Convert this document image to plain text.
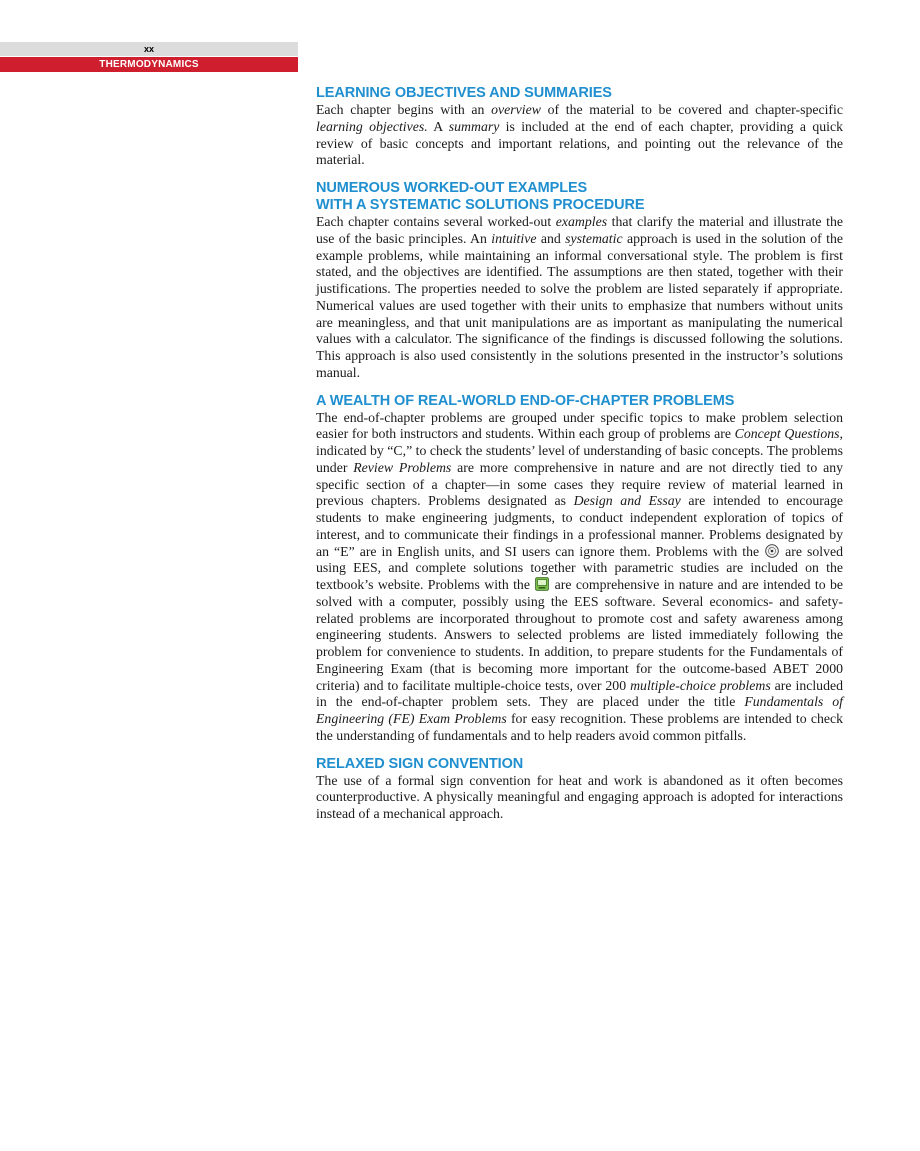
xx
THERMODYNAMICS
LEARNING OBJECTIVES AND SUMMARIES

Each chapter begins with an overview of the material to be covered and chapter-specific learning objectives. A summary is included at the end of each chapter, providing a quick review of basic concepts and important relations, and pointing out the relevance of the material.

NUMEROUS WORKED-OUT EXAMPLES
WITH A SYSTEMATIC SOLUTIONS PROCEDURE

Each chapter contains several worked-out examples that clarify the material and illustrate the use of the basic principles. An intuitive and systematic approach is used in the solution of the example problems, while maintaining an informal conversational style. The problem is first stated, and the objectives are identified. The assumptions are then stated, together with their justifications. The properties needed to solve the problem are listed separately if appropriate. Numerical values are used together with their units to emphasize that numbers without units are meaningless, and that unit manipulations are as important as manipulating the numerical values with a calculator. The significance of the findings is discussed following the solutions. This approach is also used consistently in the solutions presented in the instructor’s solutions manual.

A WEALTH OF REAL-WORLD END-OF-CHAPTER PROBLEMS

The end-of-chapter problems are grouped under specific topics to make problem selection easier for both instructors and students. Within each group of problems are Concept Questions, indicated by “C,” to check the students’ level of understanding of basic concepts. The problems under Review Problems are more comprehensive in nature and are not directly tied to any specific section of a chapter—in some cases they require review of material learned in previous chapters. Problems designated as Design and Essay are intended to encourage students to make engineering judgments, to conduct independent exploration of topics of interest, and to communicate their findings in a professional manner. Problems designated by an “E” are in English units, and SI users can ignore them. Problems with the  are solved using EES, and complete solutions together with parametric studies are included on the textbook’s website. Problems with the  are comprehensive in nature and are intended to be solved with a computer, possibly using the EES software. Several economics- and safety-related problems are incorporated throughout to promote cost and safety awareness among engineering students. Answers to selected problems are listed immediately following the problem for convenience to students. In addition, to prepare students for the Fundamentals of Engineering Exam (that is becoming more important for the outcome-based ABET 2000 criteria) and to facilitate multiple-choice tests, over 200 multiple-choice problems are included in the end-of-chapter problem sets. They are placed under the title Fundamentals of Engineering (FE) Exam Problems for easy recognition. These problems are intended to check the understanding of fundamentals and to help readers avoid common pitfalls.

RELAXED SIGN CONVENTION

The use of a formal sign convention for heat and work is abandoned as it often becomes counterproductive. A physically meaningful and engaging approach is adopted for interactions instead of a mechanical approach.
